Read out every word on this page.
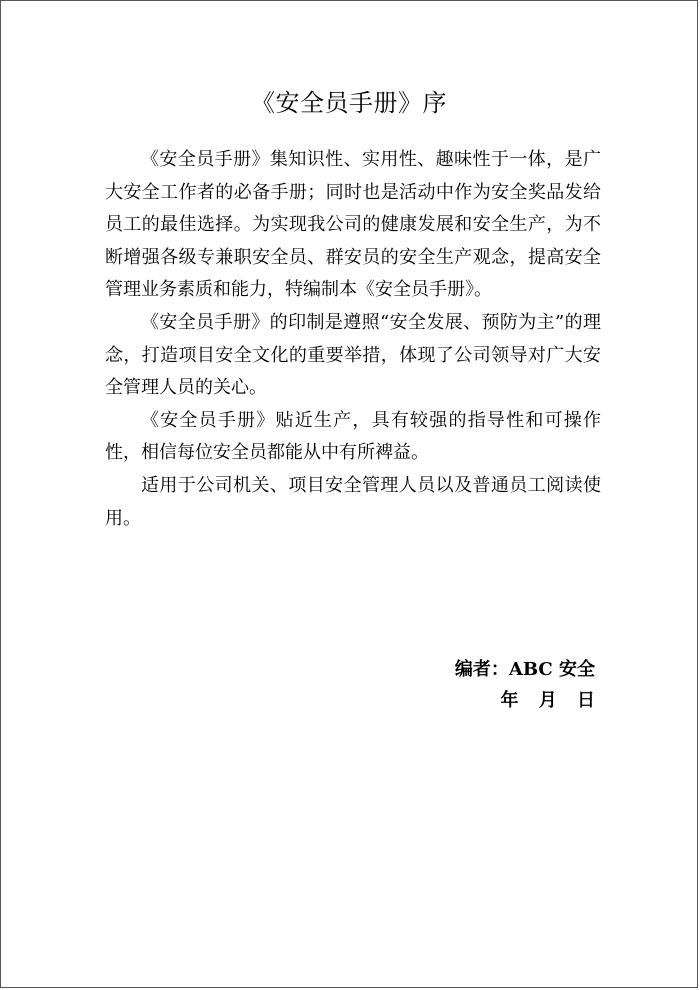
《安全员手册》序

《安全员手册》集知识性、实用性、趣味性于一体，是广大安全工作者的必备手册；同时也是活动中作为安全奖品发给员工的最佳选择。为实现我公司的健康发展和安全生产，为不断增强各级专兼职安全员、群安员的安全生产观念，提高安全管理业务素质和能力，特编制本《安全员手册》。

《安全员手册》的印制是遵照“安全发展、预防为主”的理念，打造项目安全文化的重要举措，体现了公司领导对广大安全管理人员的关心。

《安全员手册》贴近生产，具有较强的指导性和可操作性，相信每位安全员都能从中有所裨益。

适用于公司机关、项目安全管理人员以及普通员工阅读使用。

编者：ABC 安全
年 月 日
